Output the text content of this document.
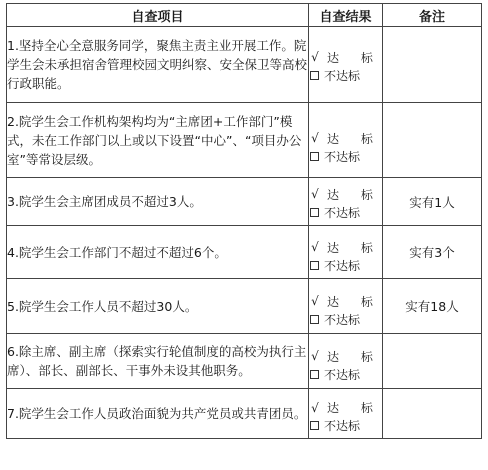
自查项目	自查结果	备注
1.坚持全心全意服务同学，聚焦主责主业开展工作。院学生会未承担宿舍管理校园文明纠察、安全保卫等高校行政职能。	√ 达 标
不达标	

2.院学生会工作机构架构均为“主席团+工作部门”模式，未在工作部门以上或以下设置“中心”、“项目办公室”等常设层级。	√ 达 标
不达标	

3.院学生会主席团成员不超过3人。	√ 达 标
不达标	实有1人
4.院学生会工作部门不超过不超过6个。	√ 达 标
不达标	实有3个
5.院学生会工作人员不超过30人。	√ 达 标
不达标	实有18人
6.除主席、副主席（探索实行轮值制度的高校为执行主席）、部长、副部长、干事外未设其他职务。	√ 达 标
不达标	

7.院学生会工作人员政治面貌为共产党员或共青团员。	√ 达 标
不达标	
